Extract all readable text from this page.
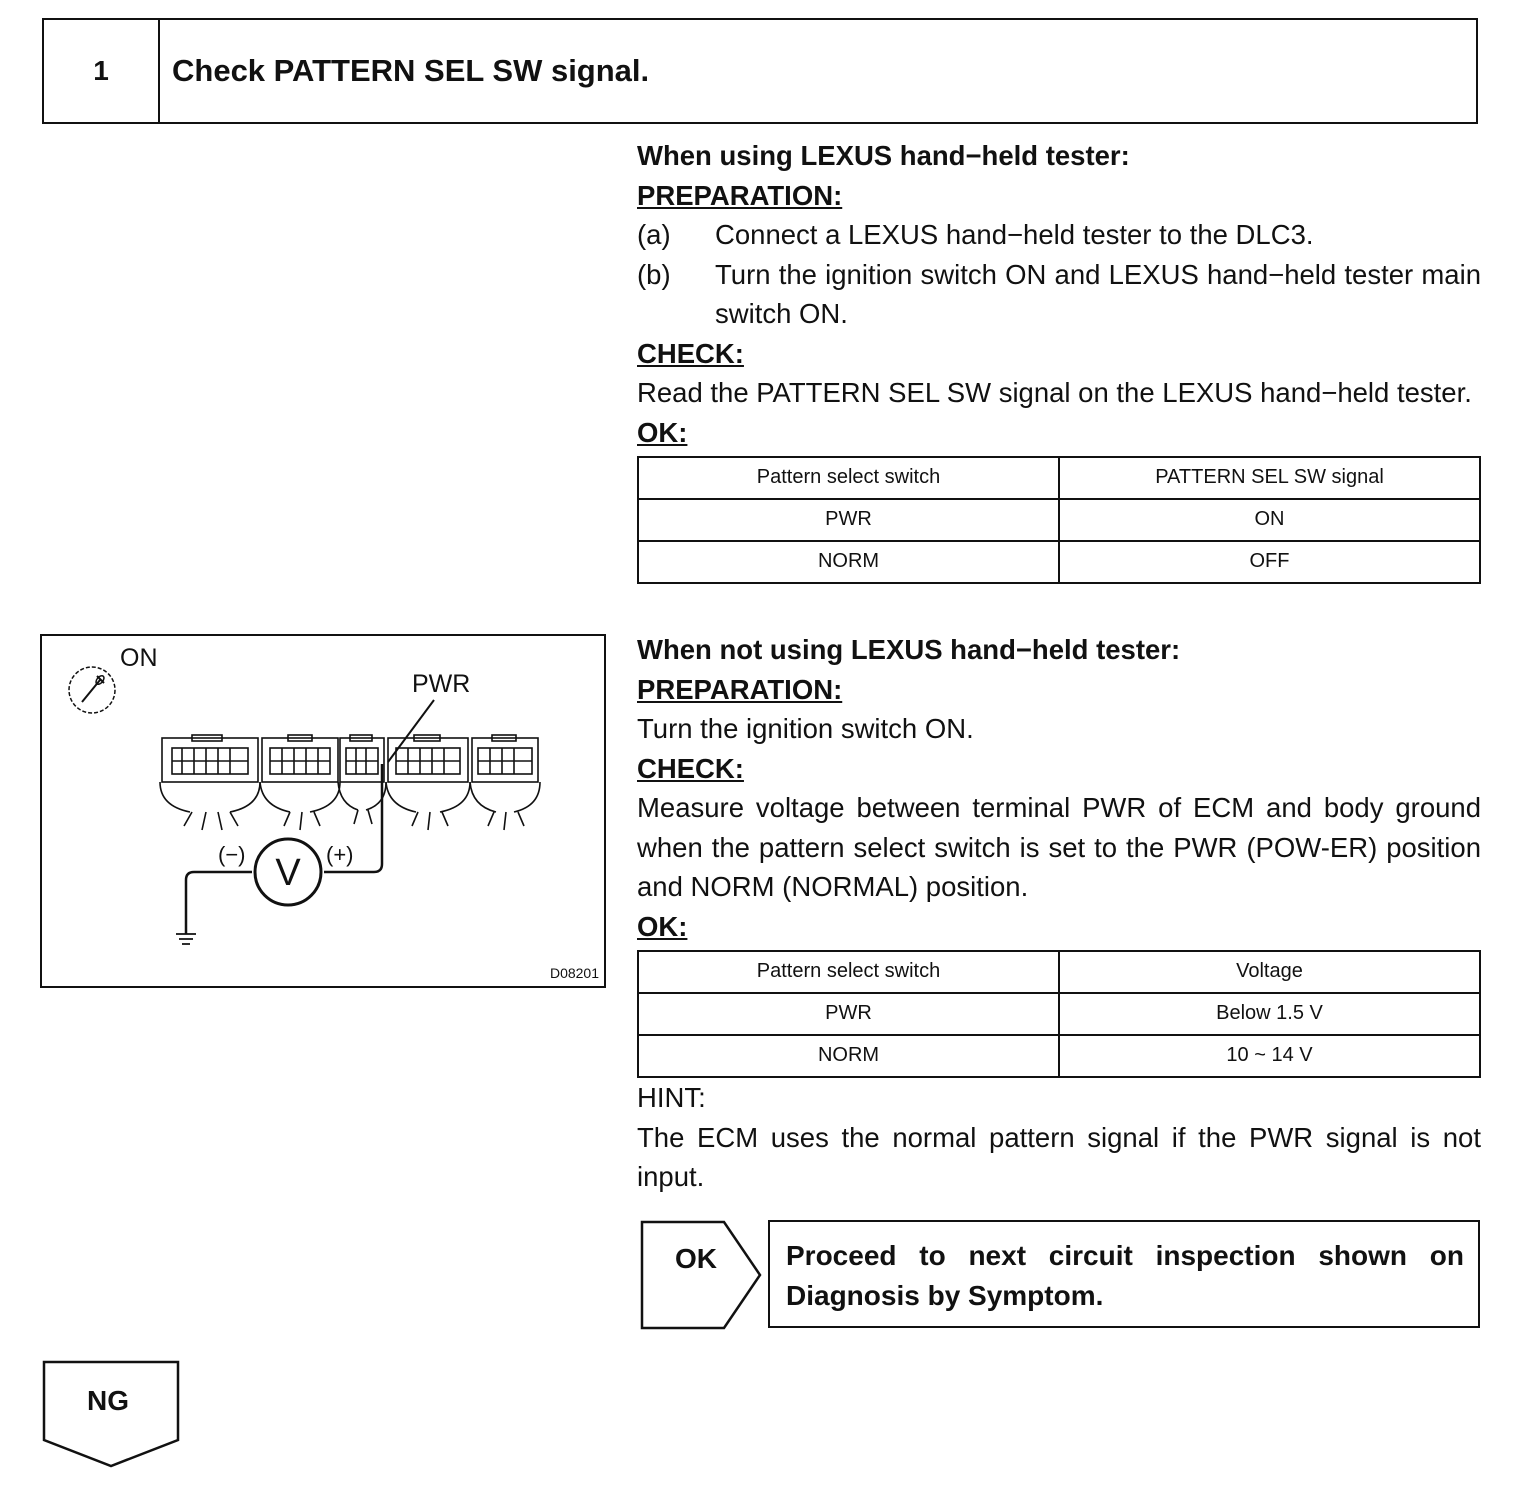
1	Check PATTERN SEL SW signal.
When using LEXUS hand−held tester:
PREPARATION:
(a)	Connect a LEXUS hand−held tester to the DLC3.
(b)	Turn the ignition switch ON and LEXUS hand−held tester main switch ON.
CHECK:
Read the PATTERN SEL SW signal on the LEXUS hand−held tester.
OK:
Pattern select switch	PATTERN SEL SW signal
PWR	ON
NORM	OFF
When not using LEXUS hand−held tester:
PREPARATION:
Turn the ignition switch ON.
CHECK:
Measure voltage between terminal PWR of ECM and body ground when the pattern select switch is set to the PWR (POW-ER) position and NORM (NORMAL) position.
OK:
Pattern select switch	Voltage
PWR	Below 1.5 V
NORM	10 ~ 14 V
HINT:
The ECM uses the normal pattern signal if the PWR signal is not input.
ON
PWR
V
(−)	(+)
D08201
OK Proceed to next circuit inspection shown on
Diagnosis by Symptom.
NG
